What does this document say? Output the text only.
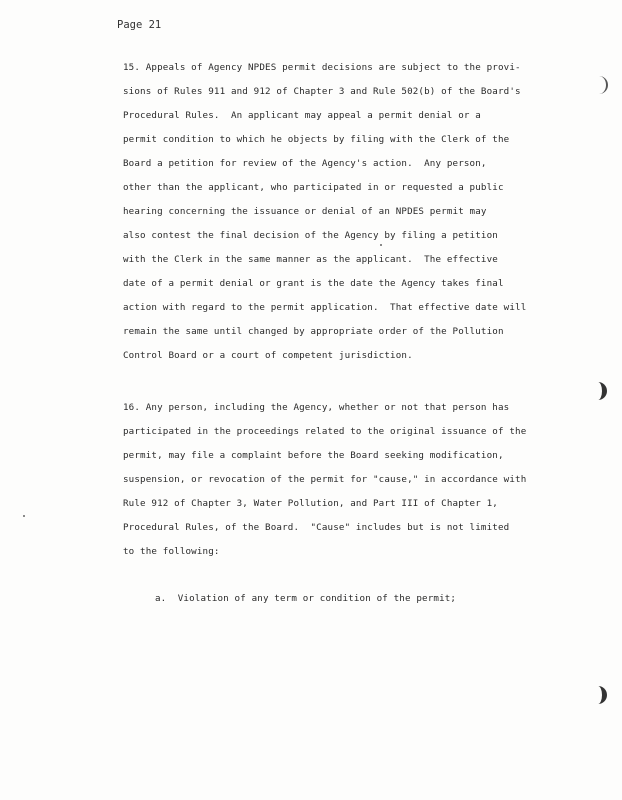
Page 21
15. Appeals of Agency NPDES permit decisions are subject to the provi-
sions of Rules 911 and 912 of Chapter 3 and Rule 502(b) of the Board's
Procedural Rules.  An applicant may appeal a permit denial or a
permit condition to which he objects by filing with the Clerk of the
Board a petition for review of the Agency's action.  Any person,
other than the applicant, who participated in or requested a public
hearing concerning the issuance or denial of an NPDES permit may
also contest the final decision of the Agency by filing a petition
with the Clerk in the same manner as the applicant.  The effective
date of a permit denial or grant is the date the Agency takes final
action with regard to the permit application.  That effective date will
remain the same until changed by appropriate order of the Pollution
Control Board or a court of competent jurisdiction.
16. Any person, including the Agency, whether or not that person has
participated in the proceedings related to the original issuance of the
permit, may file a complaint before the Board seeking modification,
suspension, or revocation of the permit for "cause," in accordance with
Rule 912 of Chapter 3, Water Pollution, and Part III of Chapter 1,
Procedural Rules, of the Board.  "Cause" includes but is not limited
to the following:
a.  Violation of any term or condition of the permit;
